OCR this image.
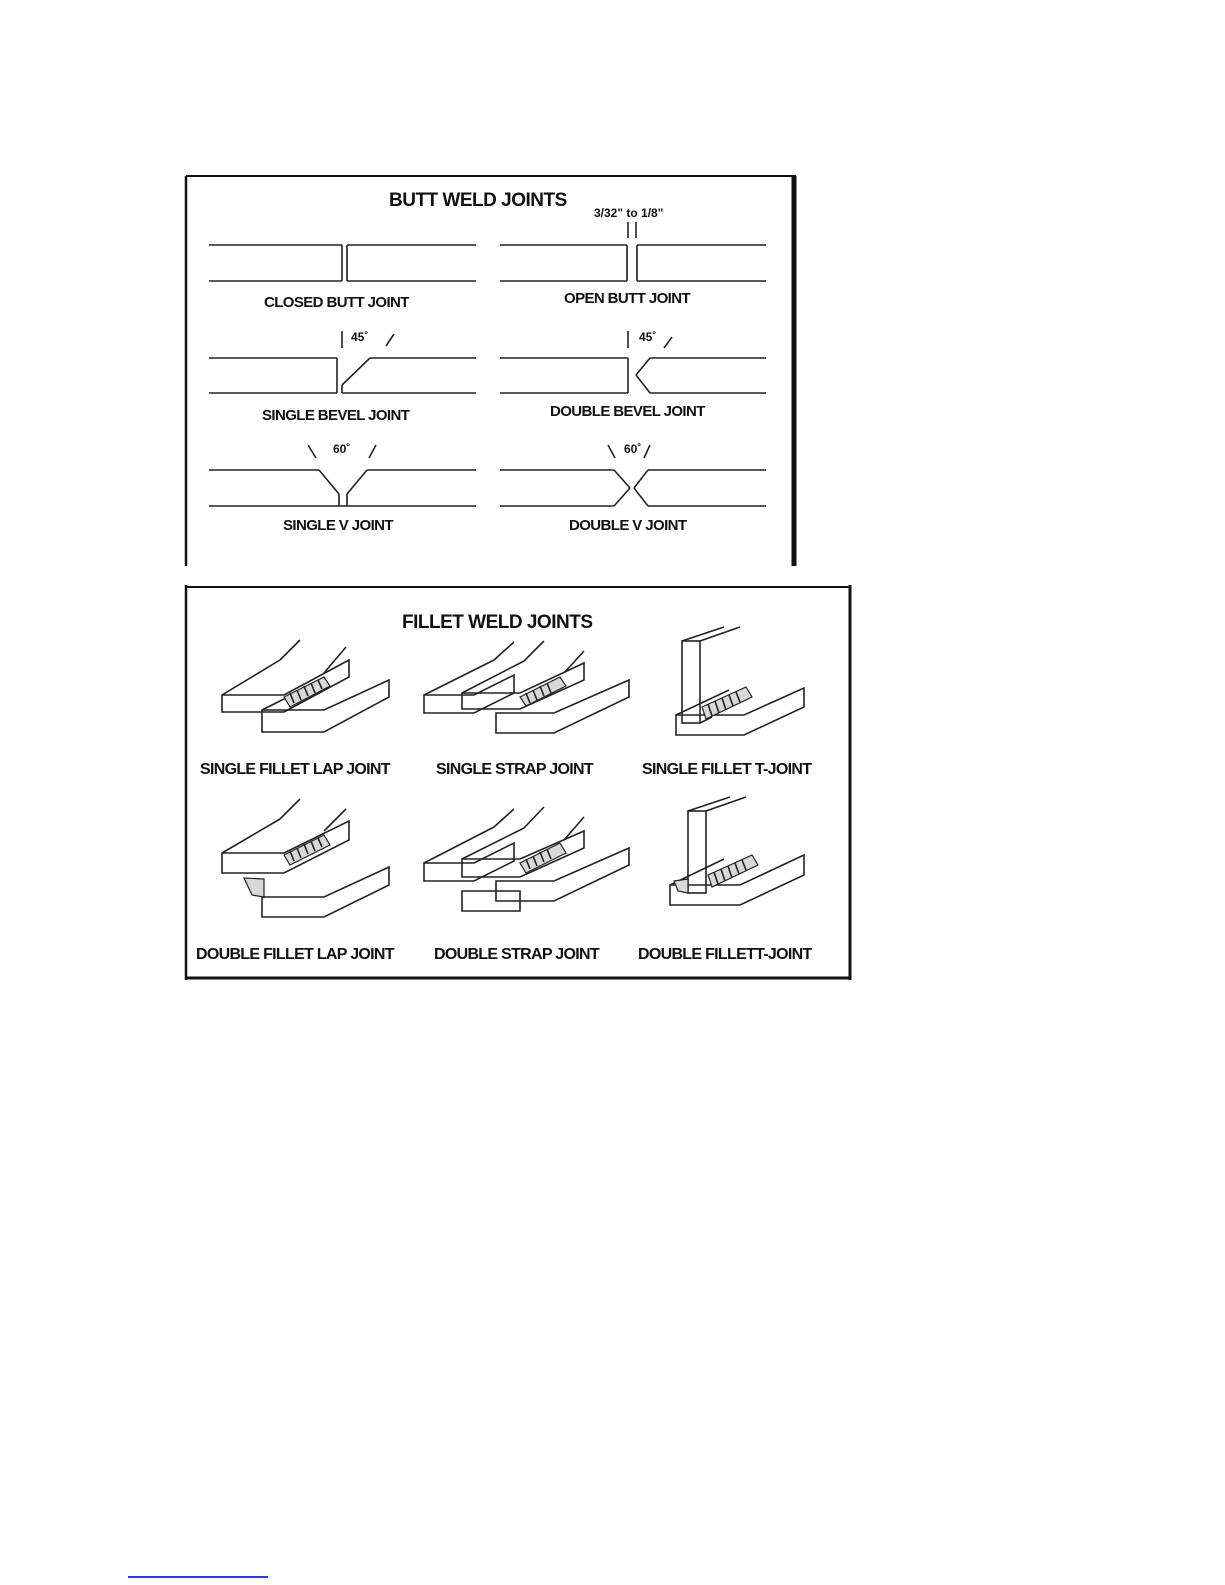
BUTT WELD JOINTS
3/32" to 1/8"
CLOSED BUTT JOINT	OPEN BUTT JOINT
45˚
SINGLE BEVEL JOINT
45˚
DOUBLE BEVEL JOINT
60˚
SINGLE V JOINT
60˚
DOUBLE V JOINT
FILLET WELD JOINTS
SINGLE FILLET LAP JOINT	SINGLE STRAP JOINT	SINGLE FILLET T-JOINT
DOUBLE FILLET LAP JOINT	DOUBLE STRAP JOINT DOUBLE FILLETT-JOINT
